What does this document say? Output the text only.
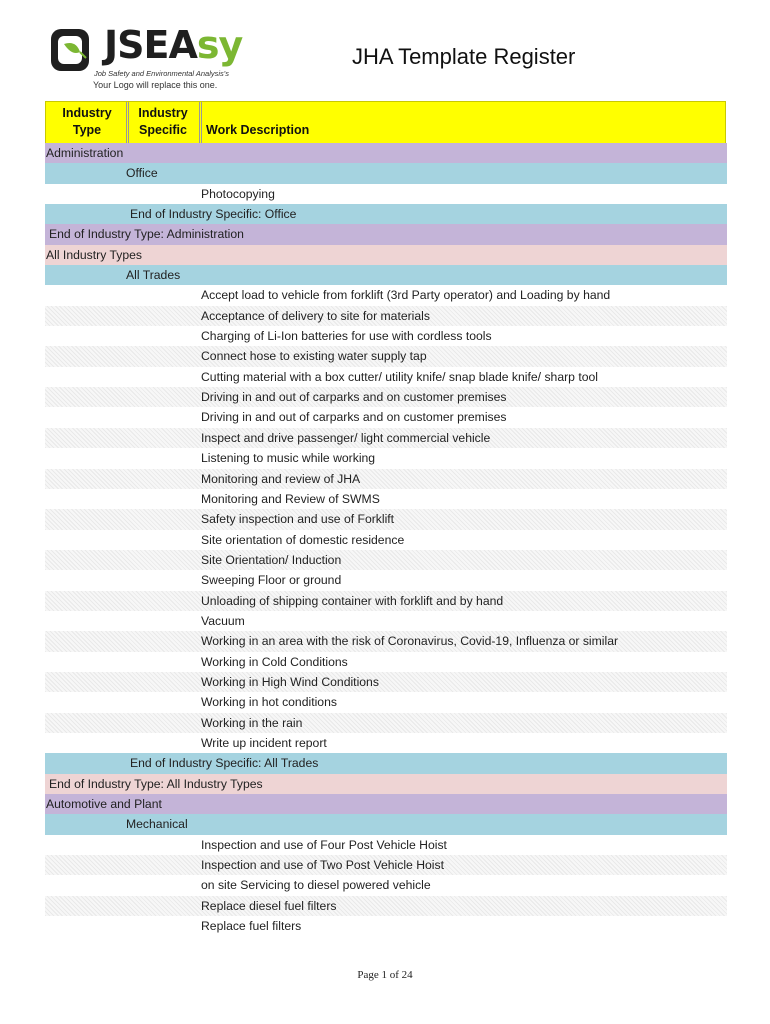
JSEAsy
Job Safety and Environmental Analysis's
Your Logo will replace this one.
JHA Template Register
Industry Type
Industry Specific	Work Description
Administration
Office
Photocopying
End of Industry Specific: Office
End of Industry Type: Administration
All Industry Types
All Trades
Accept load to vehicle from forklift (3rd Party operator) and Loading by hand
Acceptance of delivery to site for materials
Charging of Li-Ion batteries for use with cordless tools
Connect hose to existing water supply tap
Cutting material with a box cutter/ utility knife/ snap blade knife/ sharp tool
Driving in and out of carparks and on customer premises
Driving in and out of carparks and on customer premises
Inspect and drive passenger/ light commercial vehicle
Listening to music while working
Monitoring and review of JHA
Monitoring and Review of SWMS
Safety inspection and use of Forklift
Site orientation of domestic residence
Site Orientation/ Induction
Sweeping Floor or ground
Unloading of shipping container with forklift and by hand
Vacuum
Working in an area with the risk of Coronavirus, Covid-19, Influenza or similar
Working in Cold Conditions
Working in High Wind Conditions
Working in hot conditions
Working in the rain
Write up incident report
End of Industry Specific: All Trades
End of Industry Type: All Industry Types
Automotive and Plant
Mechanical
Inspection and use of Four Post Vehicle Hoist
Inspection and use of Two Post Vehicle Hoist
on site Servicing to diesel powered vehicle
Replace diesel fuel filters
Replace fuel filters
Page 1 of 24
